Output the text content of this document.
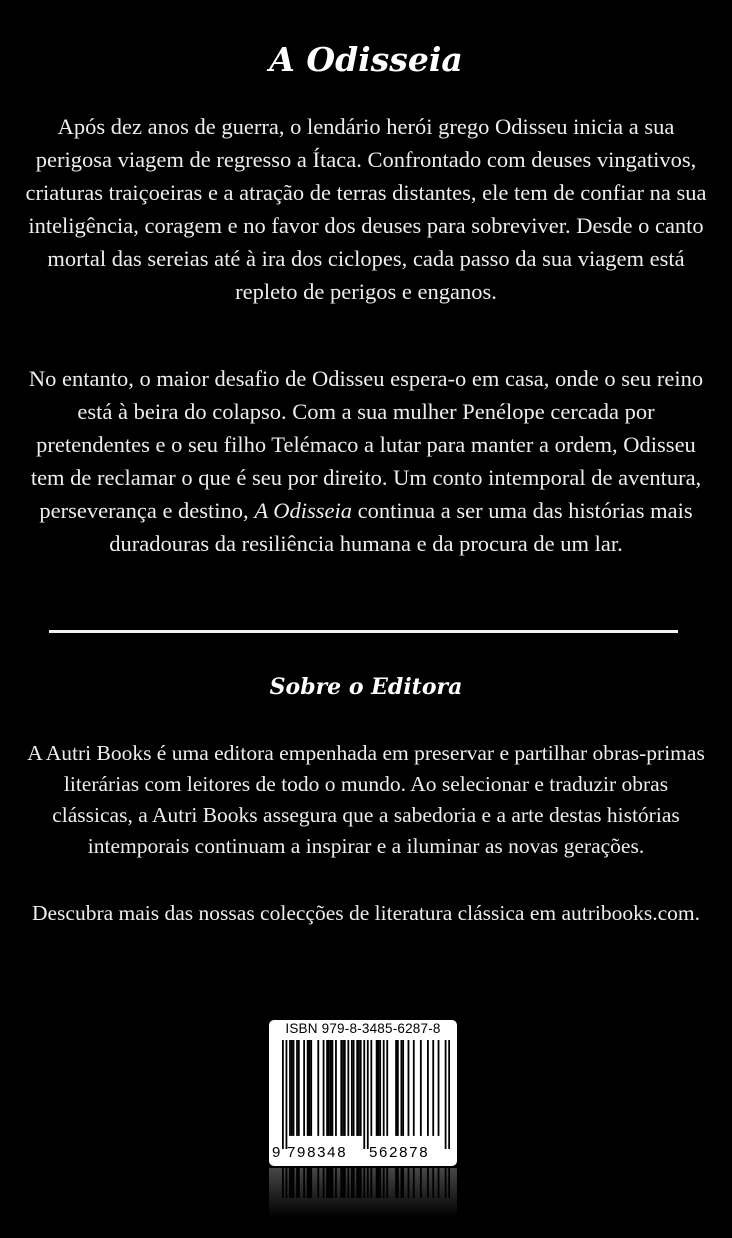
A Odisseia

Após dez anos de guerra, o lendário herói grego Odisseu inicia a sua perigosa viagem de regresso a Ítaca. Confrontado com deuses vingativos, criaturas traiçoeiras e a atração de terras distantes, ele tem de confiar na sua inteligência, coragem e no favor dos deuses para sobreviver. Desde o canto mortal das sereias até à ira dos ciclopes, cada passo da sua viagem está repleto de perigos e enganos.

No entanto, o maior desafio de Odisseu espera-o em casa, onde o seu reino está à beira do colapso. Com a sua mulher Penélope cercada por pretendentes e o seu filho Telémaco a lutar para manter a ordem, Odisseu tem de reclamar o que é seu por direito. Um conto intemporal de aventura, perseverança e destino, A Odisseia continua a ser uma das histórias mais duradouras da resiliência humana e da procura de um lar.

Sobre o Editora

A Autri Books é uma editora empenhada em preservar e partilhar obras-primas literárias com leitores de todo o mundo. Ao selecionar e traduzir obras clássicas, a Autri Books assegura que a sabedoria e a arte destas histórias intemporais continuam a inspirar e a iluminar as novas gerações.

Descubra mais das nossas colecções de literatura clássica em autribooks.com.

ISBN 979-8-3485-6287-8
9 798348 562878
